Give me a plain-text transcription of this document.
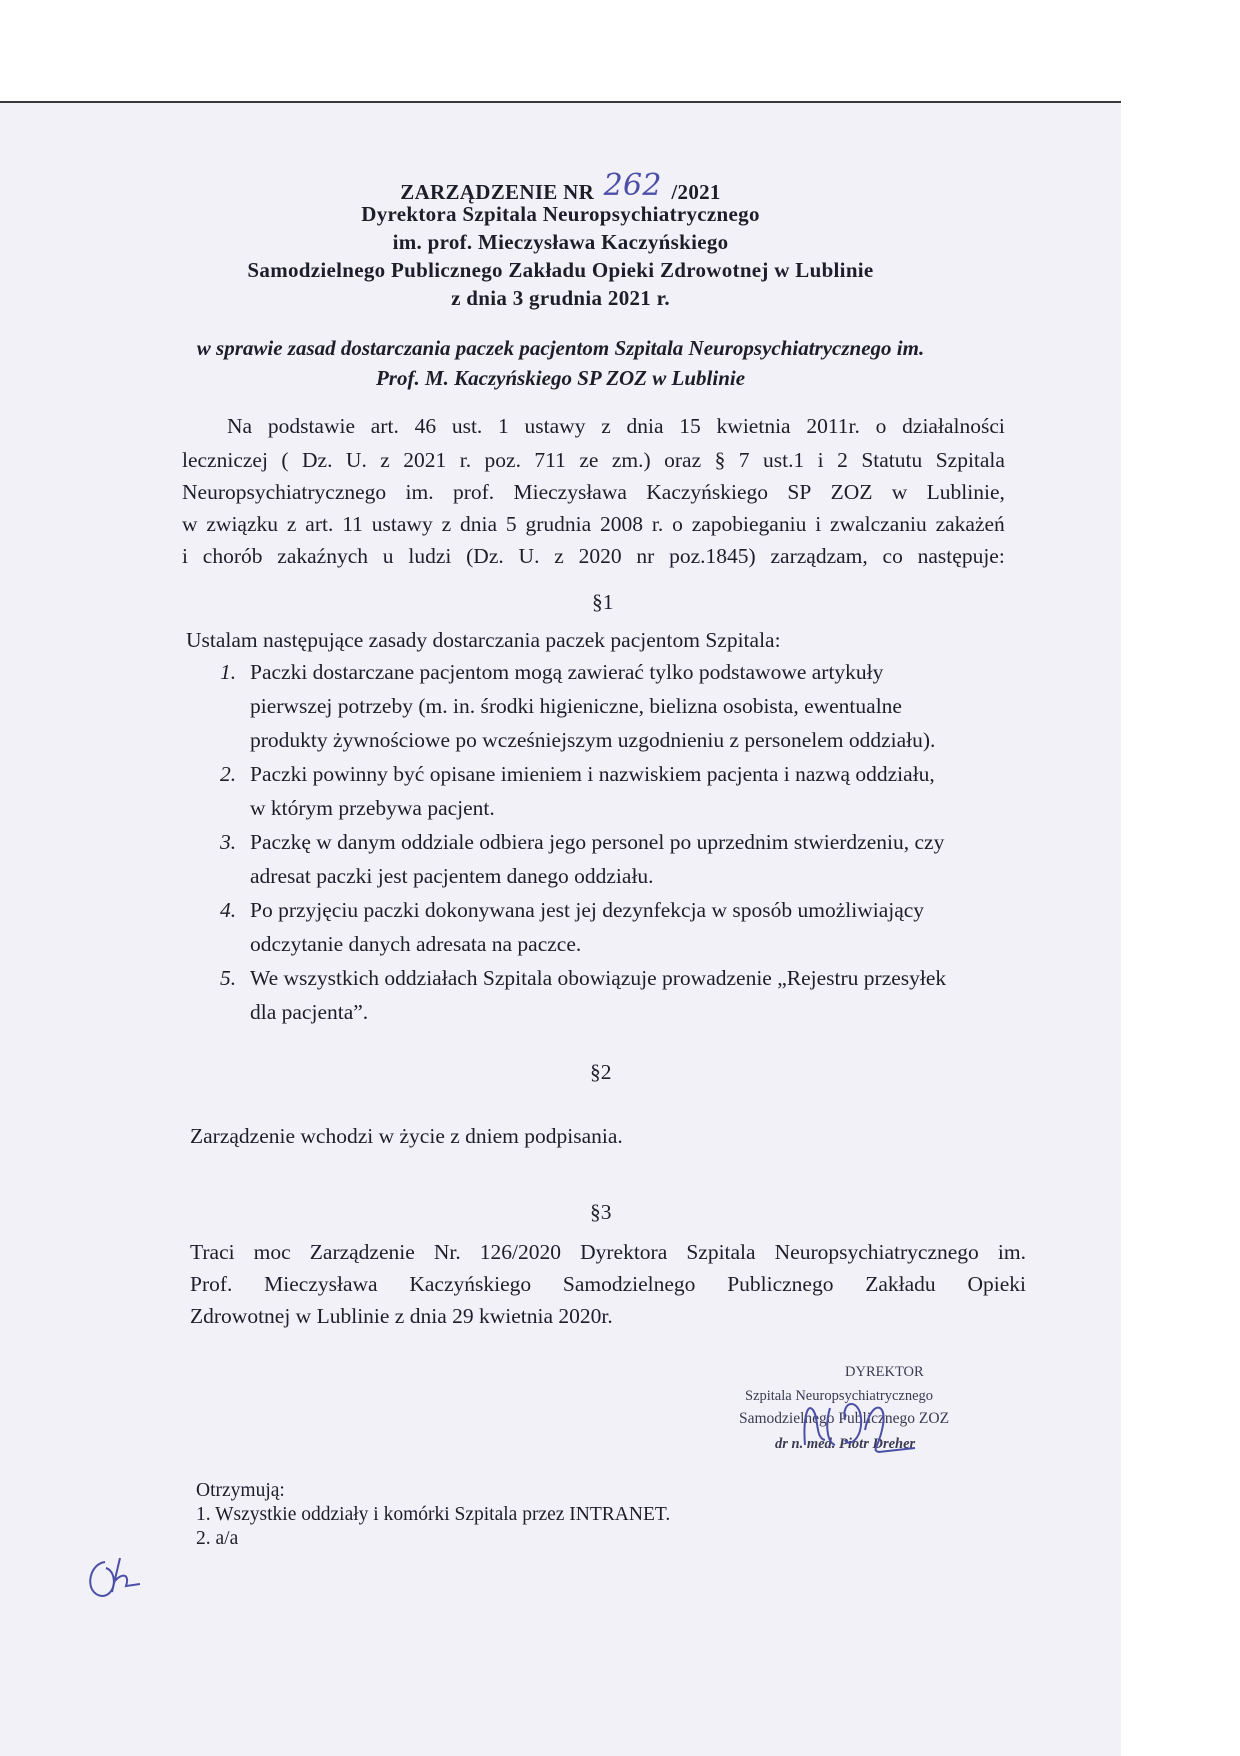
ZARZĄDZENIE NR 262 /2021
Dyrektora Szpitala Neuropsychiatrycznego
im. prof. Mieczysława Kaczyńskiego
Samodzielnego Publicznego Zakładu Opieki Zdrowotnej w Lublinie
z dnia 3 grudnia 2021 r.
w sprawie zasad dostarczania paczek pacjentom Szpitala Neuropsychiatrycznego im.
Prof. M. Kaczyńskiego SP ZOZ w Lublinie
Na podstawie art. 46 ust. 1 ustawy z dnia 15 kwietnia 2011r. o działalności
leczniczej ( Dz. U. z 2021 r. poz. 711 ze zm.) oraz § 7 ust.1 i 2 Statutu Szpitala
Neuropsychiatrycznego im. prof. Mieczysława Kaczyńskiego SP ZOZ w Lublinie,
w związku z art. 11 ustawy z dnia 5 grudnia 2008 r. o zapobieganiu i zwalczaniu zakażeń
i chorób zakaźnych u ludzi (Dz. U. z 2020 nr poz.1845) zarządzam, co następuje:
§1
Ustalam następujące zasady dostarczania paczek pacjentom Szpitala:
1. Paczki dostarczane pacjentom mogą zawierać tylko podstawowe artykuły
pierwszej potrzeby (m. in. środki higieniczne, bielizna osobista, ewentualne
produkty żywnościowe po wcześniejszym uzgodnieniu z personelem oddziału).
2. Paczki powinny być opisane imieniem i nazwiskiem pacjenta i nazwą oddziału,
w którym przebywa pacjent.
3. Paczkę w danym oddziale odbiera jego personel po uprzednim stwierdzeniu, czy
adresat paczki jest pacjentem danego oddziału.
4. Po przyjęciu paczki dokonywana jest jej dezynfekcja w sposób umożliwiający
odczytanie danych adresata na paczce.
5. We wszystkich oddziałach Szpitala obowiązuje prowadzenie „Rejestru przesyłek
dla pacjenta”.
§2
Zarządzenie wchodzi w życie z dniem podpisania.
§3
Traci moc Zarządzenie Nr. 126/2020 Dyrektora Szpitala Neuropsychiatrycznego im.
Prof. Mieczysława Kaczyńskiego Samodzielnego Publicznego Zakładu Opieki
Zdrowotnej w Lublinie z dnia 29 kwietnia 2020r.
DYREKTOR
Szpitala Neuropsychiatrycznego
Samodzielnego Publicznego ZOZ
dr n. med. Piotr Dreher
Otrzymują:
1. Wszystkie oddziały i komórki Szpitala przez INTRANET.
2. a/a
